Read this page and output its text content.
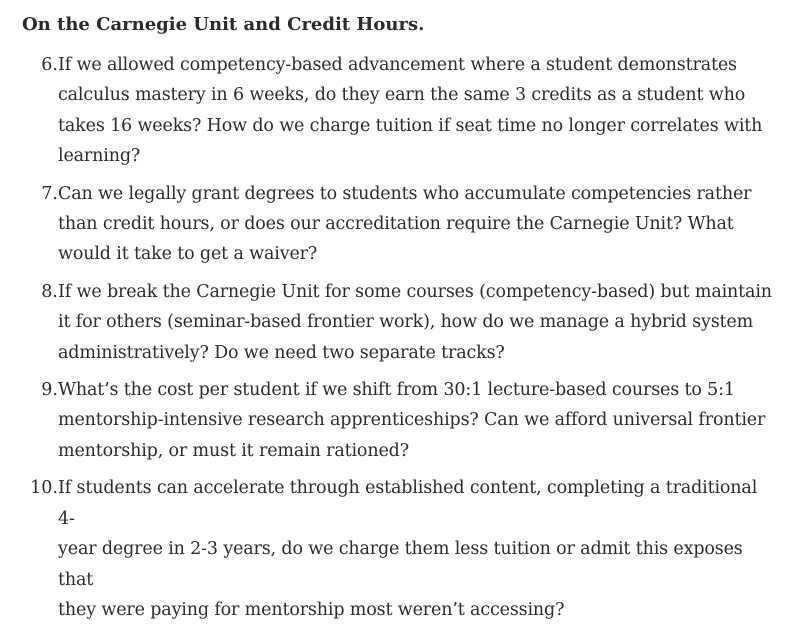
On the Carnegie Unit and Credit Hours.
6. If we allowed competency-based advancement where a student demonstrates
calculus mastery in 6 weeks, do they earn the same 3 credits as a student who
takes 16 weeks? How do we charge tuition if seat time no longer correlates with
learning?
7. Can we legally grant degrees to students who accumulate competencies rather
than credit hours, or does our accreditation require the Carnegie Unit? What
would it take to get a waiver?
8. If we break the Carnegie Unit for some courses (competency-based) but maintain
it for others (seminar-based frontier work), how do we manage a hybrid system
administratively? Do we need two separate tracks?
9. What’s the cost per student if we shift from 30:1 lecture-based courses to 5:1
mentorship-intensive research apprenticeships? Can we afford universal frontier
mentorship, or must it remain rationed?
10. If students can accelerate through established content, completing a traditional 4-
year degree in 2-3 years, do we charge them less tuition or admit this exposes that
they were paying for mentorship most weren’t accessing?
